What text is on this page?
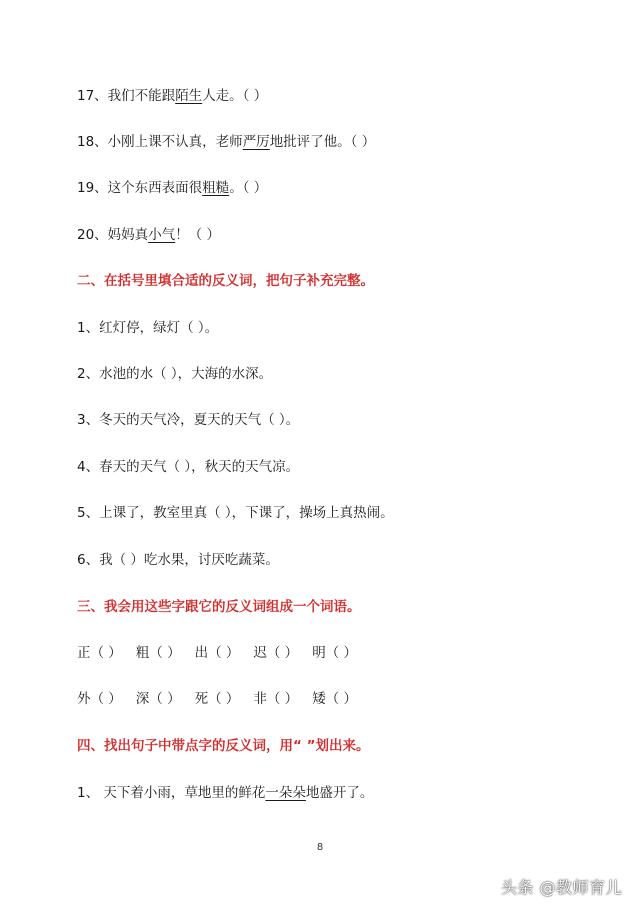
17、我们不能跟陌生人走。（ ）
18、小刚上课不认真，老师严厉地批评了他。（ ）
19、这个东西表面很粗糙。（ ）
20、妈妈真小气！（ ）
二、在括号里填合适的反义词，把句子补充完整。
1、红灯停，绿灯（ ）。
2、水池的水（ ），大海的水深。
3、冬天的天气冷，夏天的天气（ ）。
4、春天的天气（ ），秋天的天气凉。
5、上课了，教室里真（ ），下课了，操场上真热闹。
6、我（ ）吃水果，讨厌吃蔬菜。
三、我会用这些字跟它的反义词组成一个词语。
正（ ） 粗（ ） 出（ ） 迟（ ） 明（ ）
外（ ） 深（ ） 死（ ） 非（ ） 矮（ ）
四、找出句子中带点字的反义词，用“ ”划出来。
1、 天下着小雨，草地里的鲜花一朵朵地盛开了。
8
头条 @教师育儿
